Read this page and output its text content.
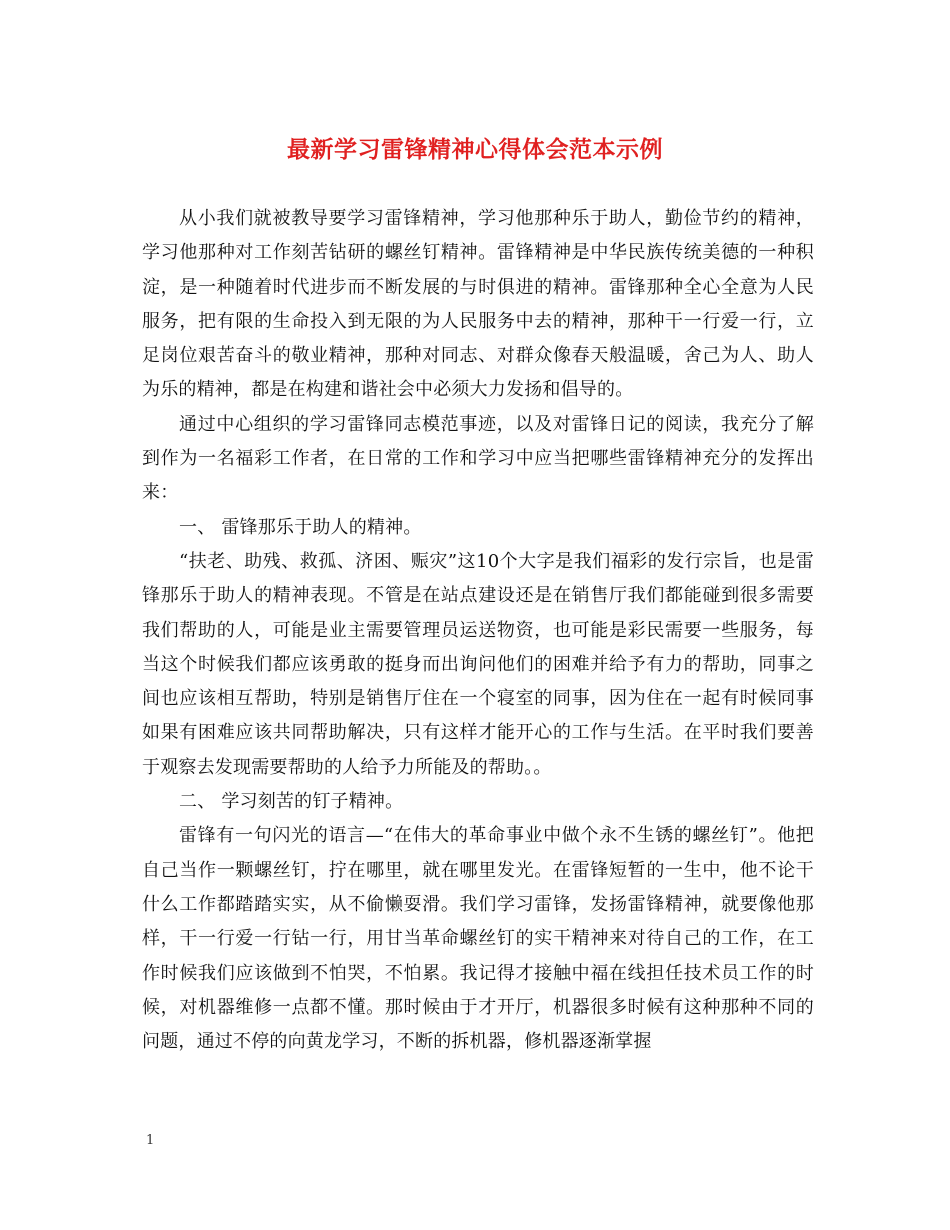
最新学习雷锋精神心得体会范本示例

从小我们就被教导要学习雷锋精神，学习他那种乐于助人，勤俭节约的精神，学习他那种对工作刻苦钻研的螺丝钉精神。雷锋精神是中华民族传统美德的一种积淀，是一种随着时代进步而不断发展的与时俱进的精神。雷锋那种全心全意为人民服务，把有限的生命投入到无限的为人民服务中去的精神，那种干一行爱一行，立足岗位艰苦奋斗的敬业精神，那种对同志、对群众像春天般温暖，舍己为人、助人为乐的精神，都是在构建和谐社会中必须大力发扬和倡导的。

通过中心组织的学习雷锋同志模范事迹，以及对雷锋日记的阅读，我充分了解到作为一名福彩工作者，在日常的工作和学习中应当把哪些雷锋精神充分的发挥出来：

一、 雷锋那乐于助人的精神。

“扶老、助残、救孤、济困、赈灾”这10个大字是我们福彩的发行宗旨，也是雷锋那乐于助人的精神表现。不管是在站点建设还是在销售厅我们都能碰到很多需要我们帮助的人，可能是业主需要管理员运送物资，也可能是彩民需要一些服务，每当这个时候我们都应该勇敢的挺身而出询问他们的困难并给予有力的帮助，同事之间也应该相互帮助，特别是销售厅住在一个寝室的同事，因为住在一起有时候同事如果有困难应该共同帮助解决，只有这样才能开心的工作与生活。在平时我们要善于观察去发现需要帮助的人给予力所能及的帮助。。

二、 学习刻苦的钉子精神。

雷锋有一句闪光的语言—“在伟大的革命事业中做个永不生锈的螺丝钉”。他把自己当作一颗螺丝钉，拧在哪里，就在哪里发光。在雷锋短暂的一生中，他不论干什么工作都踏踏实实，从不偷懒耍滑。我们学习雷锋，发扬雷锋精神，就要像他那样，干一行爱一行钻一行，用甘当革命螺丝钉的实干精神来对待自己的工作，在工作时候我们应该做到不怕哭，不怕累。我记得才接触中福在线担任技术员工作的时候，对机器维修一点都不懂。那时候由于才开厅，机器很多时候有这种那种不同的问题，通过不停的向黄龙学习，不断的拆机器，修机器逐渐掌握

1
